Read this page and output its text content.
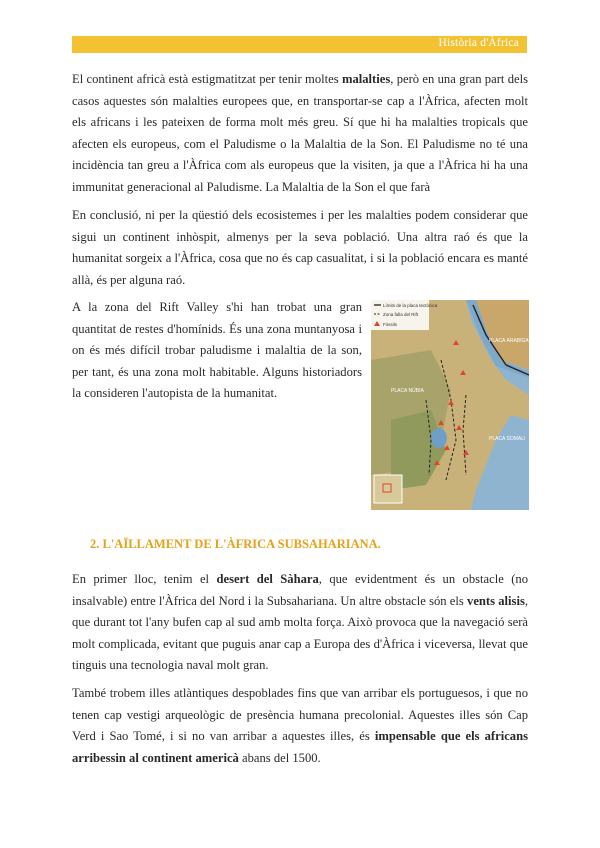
Història d'Àfrica

El continent africà està estigmatitzat per tenir moltes malalties, però en una gran part dels casos aquestes són malalties europees que, en transportar-se cap a l'Àfrica, afecten molt els africans i les pateixen de forma molt més greu. Sí que hi ha malalties tropicals que afecten els europeus, com el Paludisme o la Malaltia de la Son. El Paludisme no té una incidència tan greu a l'Àfrica com als europeus que la visiten, ja que a l'Àfrica hi ha una immunitat generacional al Paludisme. La Malaltia de la Son el que farà

En conclusió, ni per la qüestió dels ecosistemes i per les malalties podem considerar que sigui un continent inhòspit, almenys per la seva població. Una altra raó és que la humanitat sorgeix a l'Àfrica, cosa que no és cap casualitat, i si la població encara es manté allà, és per alguna raó.

A la zona del Rift Valley s'hi han trobat una gran quantitat de restes d'homínids. És una zona muntanyosa i on és més difícil trobar paludisme i malaltia de la son, per tant, és una zona molt habitable. Alguns historiadors la consideren l'autopista de la humanitat.

Límits de la placa tectònica
Zona falla del Rift
Fòssils
PLACA ÀRABIGA
PLACA NÚBIA
PLACA SOMALI

2. L'AÏLLAMENT DE L'ÀFRICA SUBSAHARIANA.

En primer lloc, tenim el desert del Sàhara, que evidentment és un obstacle (no insalvable) entre l'Àfrica del Nord i la Subsahariana. Un altre obstacle són els vents alisis, que durant tot l'any bufen cap al sud amb molta força. Això provoca que la navegació serà molt complicada, evitant que puguis anar cap a Europa des d'Àfrica i viceversa, llevat que tinguis una tecnologia naval molt gran.

També trobem illes atlàntiques despoblades fins que van arribar els portuguesos, i que no tenen cap vestigi arqueològic de presència humana precolonial. Aquestes illes són Cap Verd i Sao Tomé, i si no van arribar a aquestes illes, és impensable que els africans arribessin al continent americà abans del 1500.
